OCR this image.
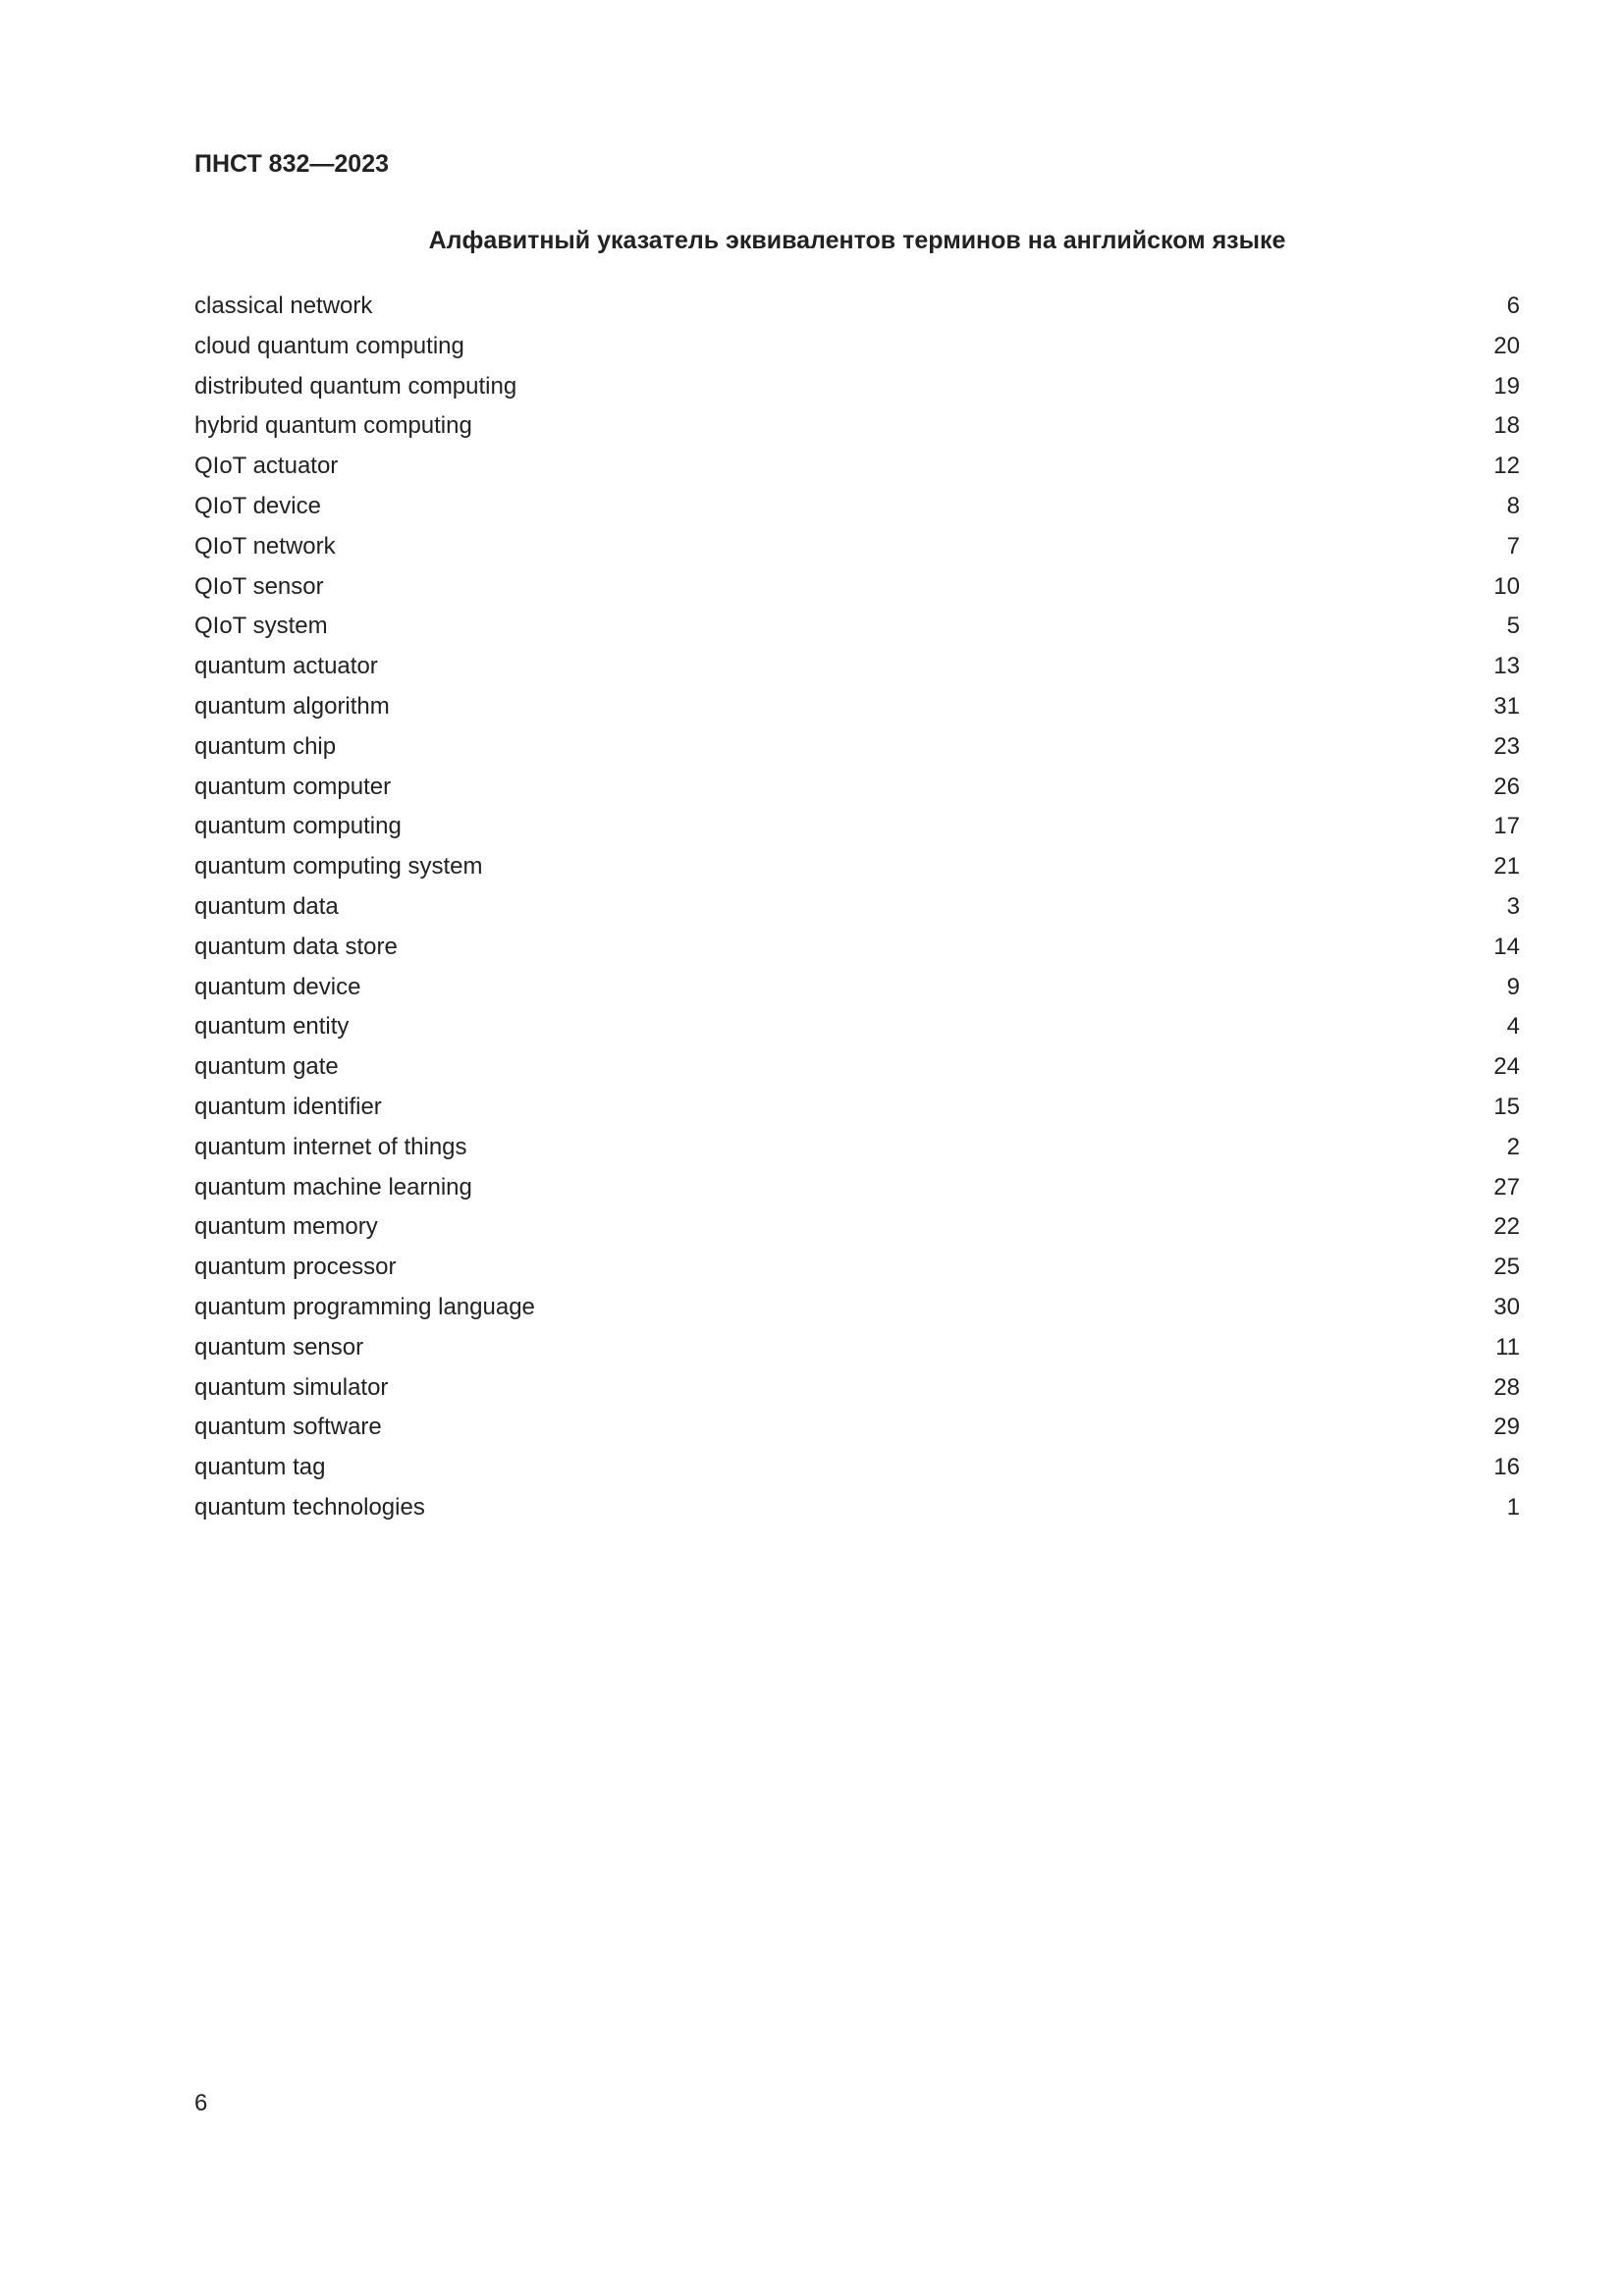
ПНСТ 832—2023
Алфавитный указатель эквивалентов терминов на английском языке
classical network	6
cloud quantum computing	20
distributed quantum computing	19
hybrid quantum computing	18
QIoT actuator	12
QIoT device	8
QIoT network	7
QIoT sensor	10
QIoT system	5
quantum actuator	13
quantum algorithm	31
quantum chip	23
quantum computer	26
quantum computing	17
quantum computing system	21
quantum data	3
quantum data store	14
quantum device	9
quantum entity	4
quantum gate	24
quantum identifier	15
quantum internet of things	2
quantum machine learning	27
quantum memory	22
quantum processor	25
quantum programming language	30
quantum sensor	11
quantum simulator	28
quantum software	29
quantum tag	16
quantum technologies	1
6
